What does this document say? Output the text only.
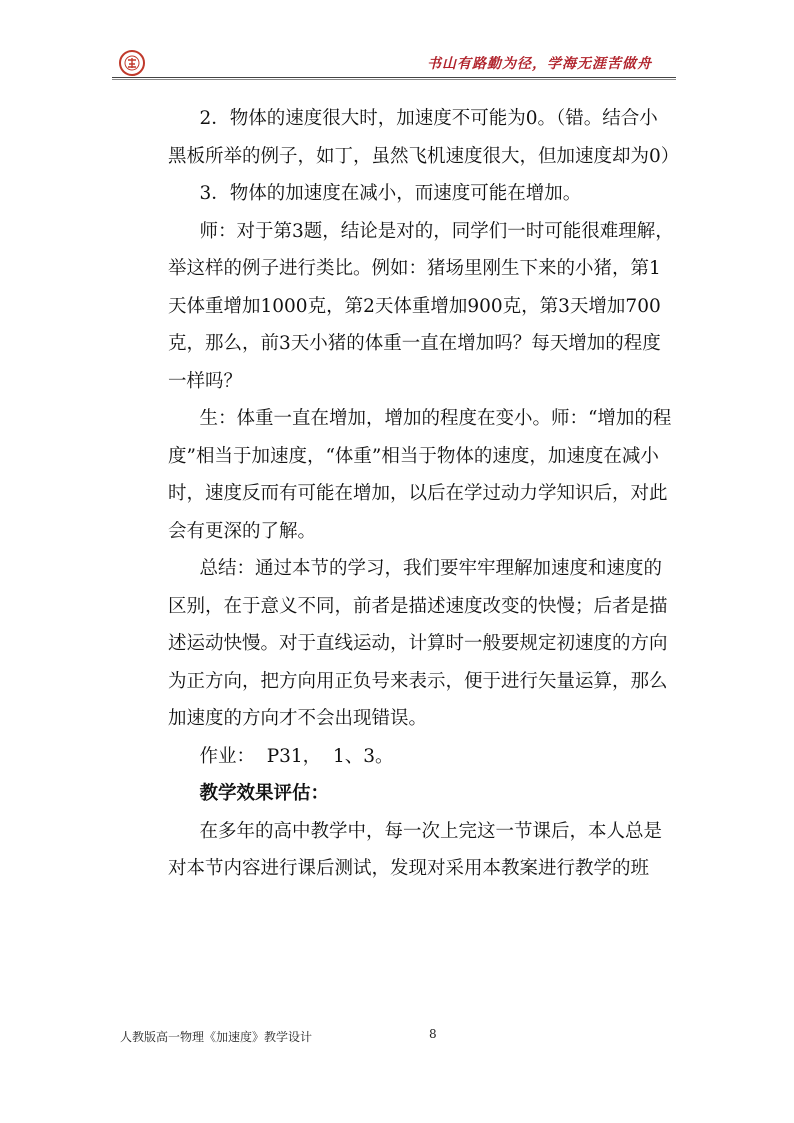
书山有路勤为径，学海无涯苦做舟

2．物体的速度很大时，加速度不可能为0。（错。结合小黑板所举的例子，如丁，虽然飞机速度很大，但加速度却为0）

3．物体的加速度在减小，而速度可能在增加。

师：对于第3题，结论是对的，同学们一时可能很难理解，举这样的例子进行类比。例如：猪场里刚生下来的小猪，第1天体重增加1000克，第2天体重增加900克，第3天增加700克，那么，前3天小猪的体重一直在增加吗？每天增加的程度一样吗？

生：体重一直在增加，增加的程度在变小。师：“增加的程度”相当于加速度，“体重”相当于物体的速度，加速度在减小时，速度反而有可能在增加，以后在学过动力学知识后，对此会有更深的了解。

总结：通过本节的学习，我们要牢牢理解加速度和速度的区别，在于意义不同，前者是描述速度改变的快慢；后者是描述运动快慢。对于直线运动，计算时一般要规定初速度的方向为正方向，把方向用正负号来表示，便于进行矢量运算，那么加速度的方向才不会出现错误。

作业：  P31，  1、3。

教学效果评估：

在多年的高中教学中，每一次上完这一节课后，本人总是对本节内容进行课后测试，发现对采用本教案进行教学的班

人教版高一物理《加速度》教学设计	8
